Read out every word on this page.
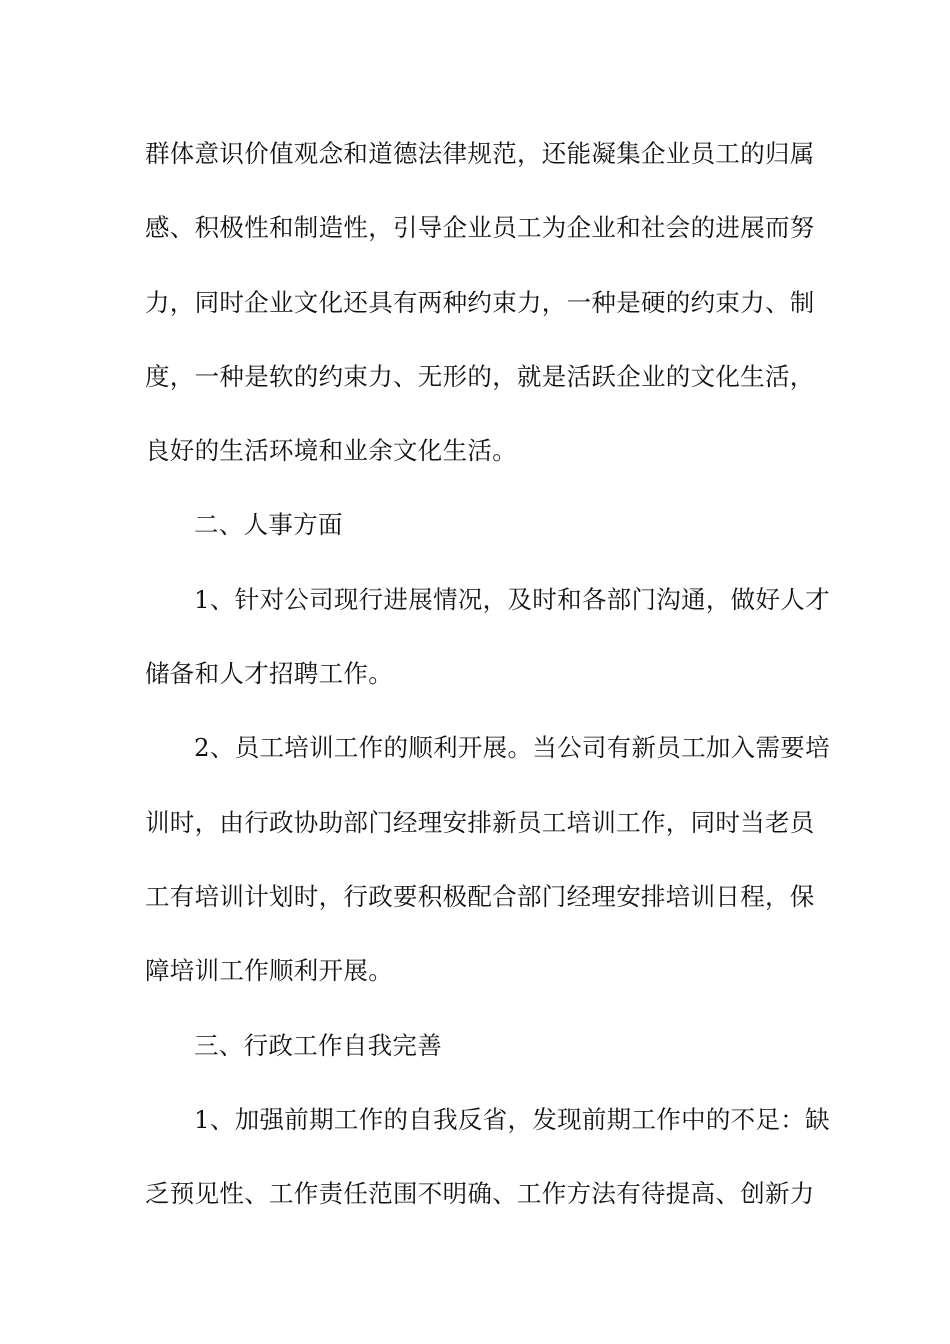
群体意识价值观念和道德法律规范，还能凝集企业员工的归属
感、积极性和制造性，引导企业员工为企业和社会的进展而努
力，同时企业文化还具有两种约束力，一种是硬的约束力、制
度，一种是软的约束力、无形的，就是活跃企业的文化生活，
良好的生活环境和业余文化生活。
二、人事方面
1、针对公司现行进展情况，及时和各部门沟通，做好人才
储备和人才招聘工作。
2、员工培训工作的顺利开展。当公司有新员工加入需要培
训时，由行政协助部门经理安排新员工培训工作，同时当老员
工有培训计划时，行政要积极配合部门经理安排培训日程，保
障培训工作顺利开展。
三、行政工作自我完善
1、加强前期工作的自我反省，发现前期工作中的不足：缺
乏预见性、工作责任范围不明确、工作方法有待提高、创新力
